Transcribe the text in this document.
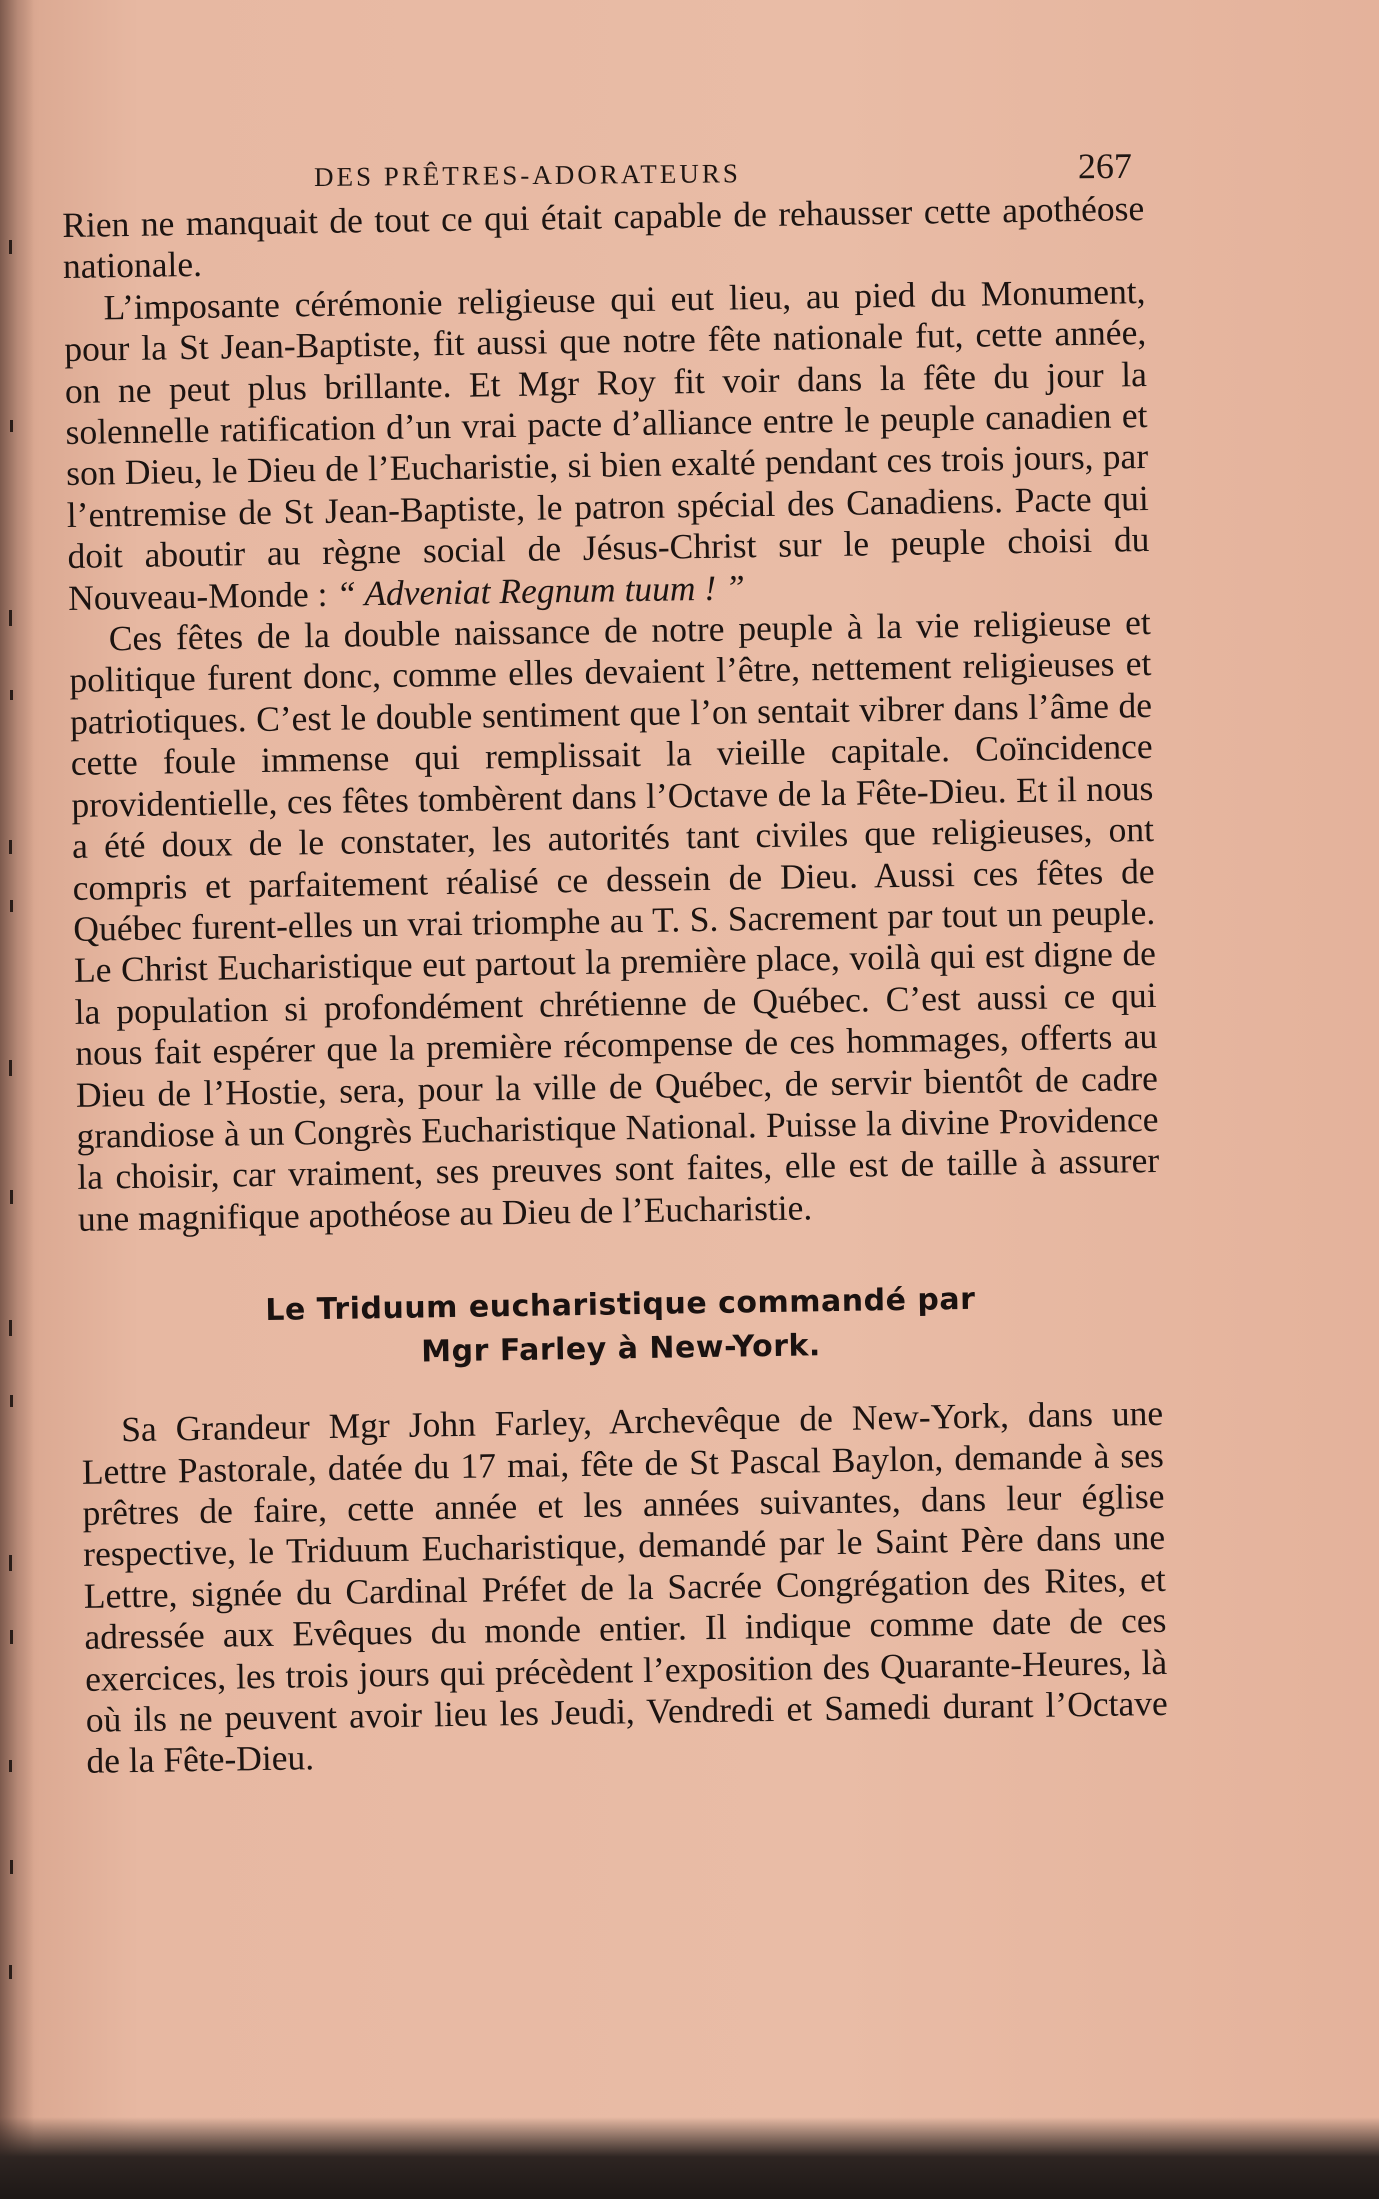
DES PRÊTRES-ADORATEURS	267

Rien ne manquait de tout ce qui était capable de rehausser cette apothéose nationale.

L’imposante cérémonie religieuse qui eut lieu, au pied du Monument, pour la St Jean-Baptiste, fit aussi que notre fête nationale fut, cette année, on ne peut plus brillante. Et Mgr Roy fit voir dans la fête du jour la solennelle ratification d’un vrai pacte d’alliance entre le peuple canadien et son Dieu, le Dieu de l’Eucharistie, si bien exalté pendant ces trois jours, par l’entremise de St Jean-Baptiste, le patron spécial des Canadiens. Pacte qui doit aboutir au règne social de Jésus-Christ sur le peuple choisi du Nouveau-Monde : “ Adveniat Regnum tuum ! ”

Ces fêtes de la double naissance de notre peuple à la vie religieuse et politique furent donc, comme elles devaient l’être, nettement religieuses et patriotiques. C’est le double sentiment que l’on sentait vibrer dans l’âme de cette foule immense qui remplissait la vieille capitale. Coïncidence providentielle, ces fêtes tombèrent dans l’Octave de la Fête-Dieu. Et il nous a été doux de le constater, les autorités tant civiles que religieuses, ont compris et parfaitement réalisé ce dessein de Dieu. Aussi ces fêtes de Québec furent-elles un vrai triomphe au T. S. Sacrement par tout un peuple. Le Christ Eucharistique eut partout la première place, voilà qui est digne de la population si profondément chrétienne de Québec. C’est aussi ce qui nous fait espérer que la première récompense de ces hommages, offerts au Dieu de l’Hostie, sera, pour la ville de Québec, de servir bientôt de cadre grandiose à un Congrès Eucharistique National. Puisse la divine Providence la choisir, car vraiment, ses preuves sont faites, elle est de taille à assurer une magnifique apothéose au Dieu de l’Eucharistie.

Le Triduum eucharistique commandé par
Mgr Farley à New-York.

Sa Grandeur Mgr John Farley, Archevêque de New-York, dans une Lettre Pastorale, datée du 17 mai, fête de St Pascal Baylon, demande à ses prêtres de faire, cette année et les années suivantes, dans leur église respective, le Triduum Eucharistique, demandé par le Saint Père dans une Lettre, signée du Cardinal Préfet de la Sacrée Congrégation des Rites, et adressée aux Evêques du monde entier. Il indique comme date de ces exercices, les trois jours qui précèdent l’exposition des Quarante-Heures, là où ils ne peuvent avoir lieu les Jeudi, Vendredi et Samedi durant l’Octave de la Fête-Dieu.
